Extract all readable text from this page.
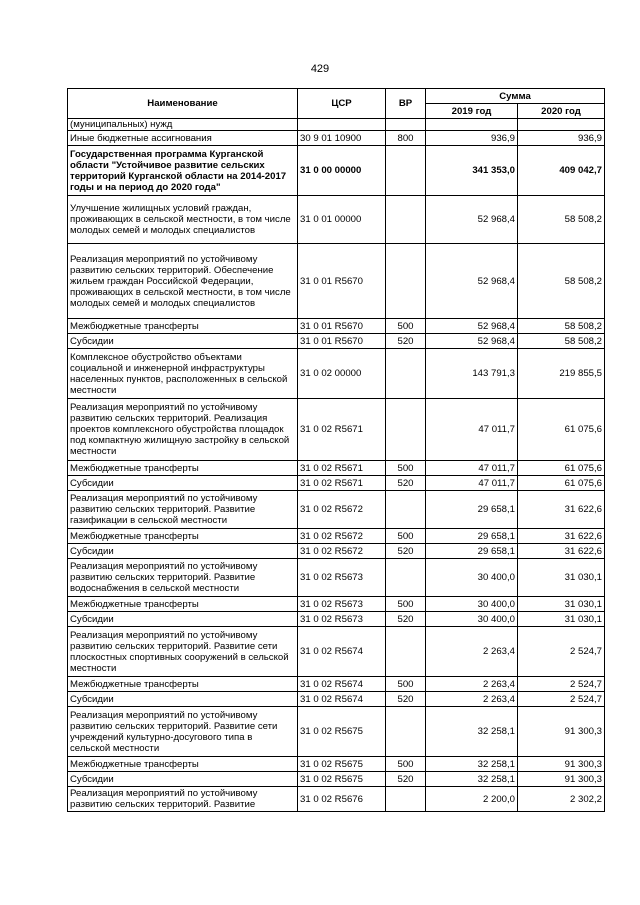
429
Наименование	ЦСР	ВР	Сумма	
			2019 год	2020 год
(муниципальных) нужд				
Иные бюджетные ассигнования	30 9 01 10900	800	936,9	936,9
Государственная программа Курганской области "Устойчивое развитие сельских территорий Курганской области на 2014-2017 годы и на период до 2020 года"	31 0 00 00000		341 353,0	409 042,7
Улучшение жилищных условий граждан, проживающих в сельской местности, в том числе молодых семей и молодых специалистов	31 0 01 00000		52 968,4	58 508,2
Реализация мероприятий по устойчивому развитию сельских территорий. Обеспечение жильем граждан Российской Федерации, проживающих в сельской местности, в том числе молодых семей и молодых специалистов	31 0 01 R5670		52 968,4	58 508,2
Межбюджетные трансферты	31 0 01 R5670	500	52 968,4	58 508,2
Субсидии	31 0 01 R5670	520	52 968,4	58 508,2
Комплексное обустройство объектами социальной и инженерной инфраструктуры населенных пунктов, расположенных в сельской местности	31 0 02 00000		143 791,3	219 855,5
Реализация мероприятий по устойчивому развитию сельских территорий. Реализация проектов комплексного обустройства площадок под компактную жилищную застройку в сельской местности	31 0 02 R5671		47 011,7	61 075,6
Межбюджетные трансферты	31 0 02 R5671	500	47 011,7	61 075,6
Субсидии	31 0 02 R5671	520	47 011,7	61 075,6
Реализация мероприятий по устойчивому развитию сельских территорий. Развитие газификации в сельской местности	31 0 02 R5672		29 658,1	31 622,6
Межбюджетные трансферты	31 0 02 R5672	500	29 658,1	31 622,6
Субсидии	31 0 02 R5672	520	29 658,1	31 622,6
Реализация мероприятий по устойчивому развитию сельских территорий. Развитие водоснабжения в сельской местности	31 0 02 R5673		30 400,0	31 030,1
Межбюджетные трансферты	31 0 02 R5673	500	30 400,0	31 030,1
Субсидии	31 0 02 R5673	520	30 400,0	31 030,1
Реализация мероприятий по устойчивому развитию сельских территорий. Развитие сети плоскостных спортивных сооружений в сельской местности	31 0 02 R5674		2 263,4	2 524,7
Межбюджетные трансферты	31 0 02 R5674	500	2 263,4	2 524,7
Субсидии	31 0 02 R5674	520	2 263,4	2 524,7
Реализация мероприятий по устойчивому развитию сельских территорий. Развитие сети учреждений культурно-досугового типа в сельской местности	31 0 02 R5675		32 258,1	91 300,3
Межбюджетные трансферты	31 0 02 R5675	500	32 258,1	91 300,3
Субсидии	31 0 02 R5675	520	32 258,1	91 300,3
Реализация мероприятий по устойчивому развитию сельских территорий. Развитие	31 0 02 R5676		2 200,0	2 302,2
